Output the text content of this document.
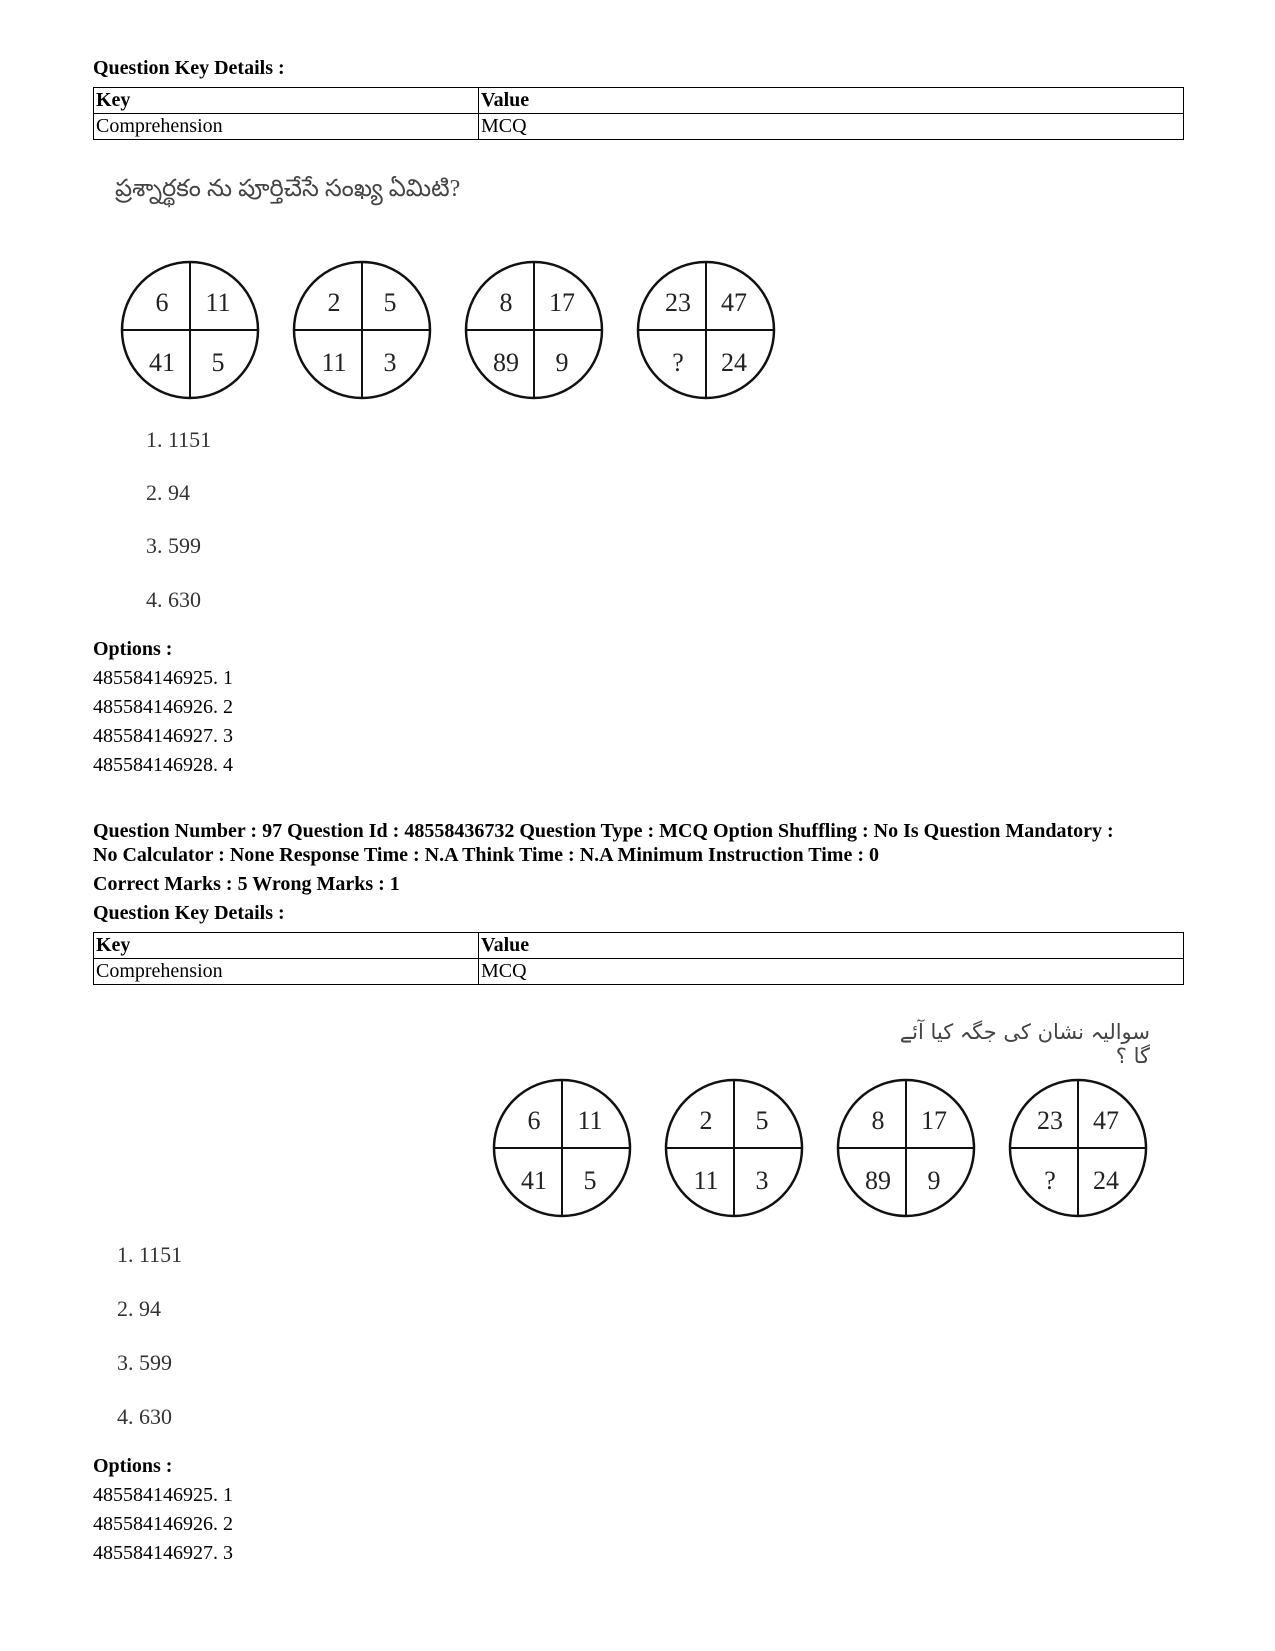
Question Key Details :
Key	Value
Comprehension	MCQ
ప్రశ్నార్థకం ను పూర్తిచేసే సంఖ్య ఏమిటి?
6 11
41 5
2 5
11 3
8 17
89 9
23 47
? 24
1. 1151
2. 94
3. 599
4. 630
Options :
485584146925. 1
485584146926. 2
485584146927. 3
485584146928. 4
Question Number : 97 Question Id : 48558436732 Question Type : MCQ Option Shuffling : No Is Question Mandatory :
No Calculator : None Response Time : N.A Think Time : N.A Minimum Instruction Time : 0
Correct Marks : 5 Wrong Marks : 1
Question Key Details :
Key	Value
Comprehension	MCQ
سوالیہ نشان کی جگہ کیا آئے گا ؟
6 11
41 5
2 5
11 3
8 17
89 9
23 47
? 24
1. 1151
2. 94
3. 599
4. 630
Options :
485584146925. 1
485584146926. 2
485584146927. 3
